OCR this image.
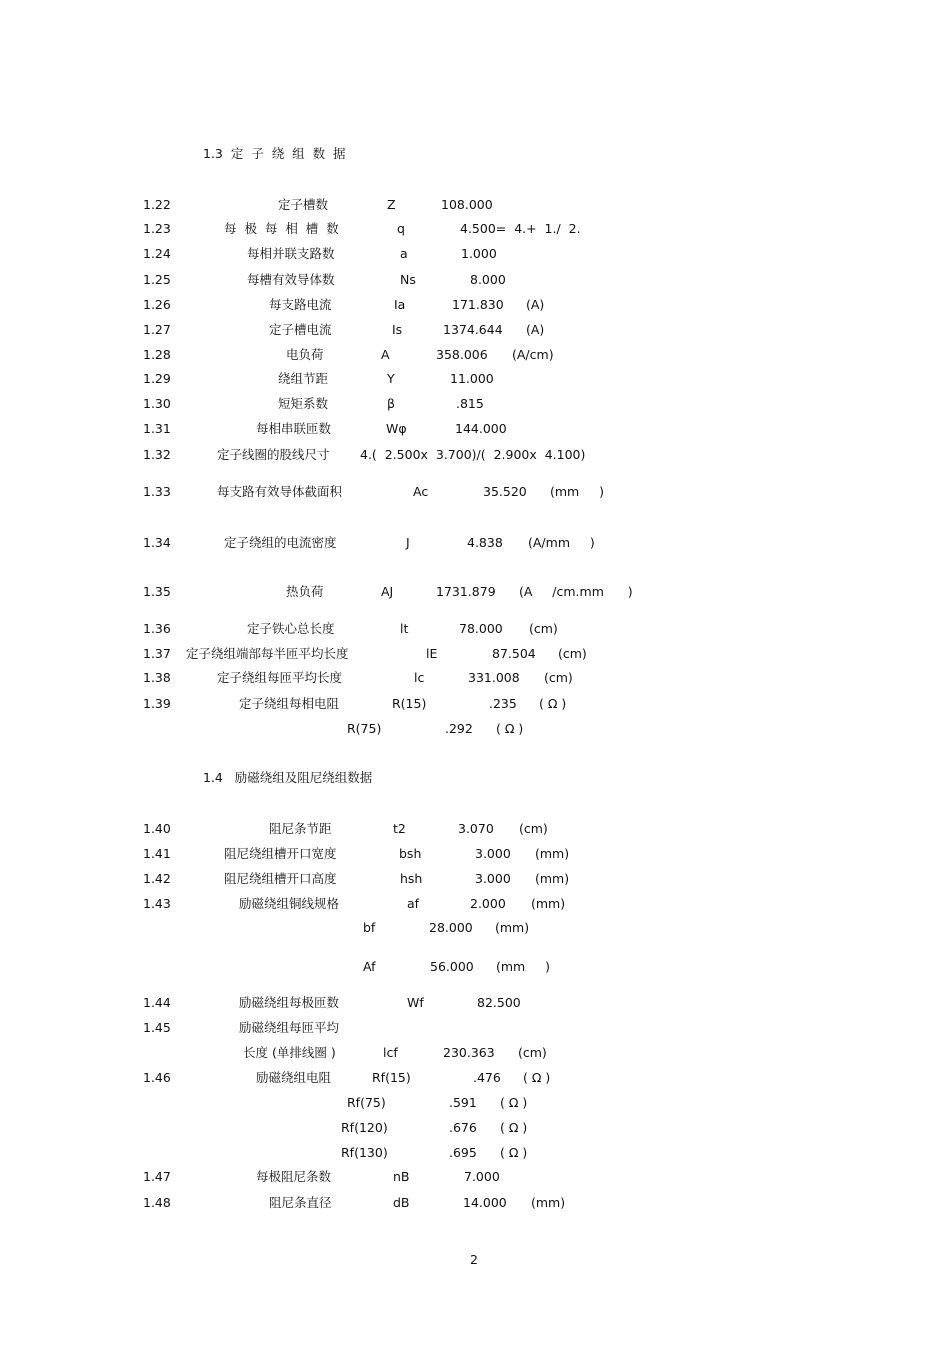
1.3  定  子  绕  组  数  据
1.4   励磁绕组及阻尼绕组数据
1.22	定子槽数	Z	108.000
1.23	每  极  每  相  槽  数	q	4.500=  4.+  1./  2.
1.24	每相并联支路数	a	1.000
1.25	每槽有效导体数	Ns	8.000
1.26	每支路电流	Ia	171.830 (A)
1.27	定子槽电流	Is	1374.644 (A)
1.28	电负荷	A	358.006 (A/cm)
1.29	绕组节距	Y	11.000
1.30	短矩系数	β	.815
1.31	每相串联匝数	Wφ	144.000
1.32	定子线圈的股线尺寸 4.(  2.500x  3.700)/(  2.900x  4.100)
1.33	每支路有效导体截面积	Ac	35.520 (mm     )
1.34	定子绕组的电流密度	J	4.838 (A/mm     )
1.35	热负荷	AJ	1731.879 (A     /cm.mm      )
1.36	定子铁心总长度	lt	78.000 (cm)
1.37 定子绕组端部每半匝平均长度	lE	87.504 (cm)
1.38	定子绕组每匝平均长度	lc	331.008 (cm)
1.39	定子绕组每相电阻	R(15)	.235 ( Ω )
R(75)	.292 ( Ω )
1.40	阻尼条节距	t2	3.070 (cm)
1.41	阻尼绕组槽开口宽度	bsh	3.000 (mm)
1.42	阻尼绕组槽开口高度	hsh	3.000 (mm)
1.43	励磁绕组铜线规格	af	2.000 (mm)
bf	28.000 (mm)
Af	56.000 (mm     )
1.44	励磁绕组每极匝数	Wf	82.500
1.45	励磁绕组每匝平均
长度 (单排线圈 )	lcf	230.363 (cm)
1.46	励磁绕组电阻	Rf(15)	.476 ( Ω )
Rf(75)	.591 ( Ω )
Rf(120)	.676 ( Ω )
Rf(130)	.695 ( Ω )
1.47	每极阻尼条数	nB	7.000
1.48	阻尼条直径	dB	14.000 (mm)
2
